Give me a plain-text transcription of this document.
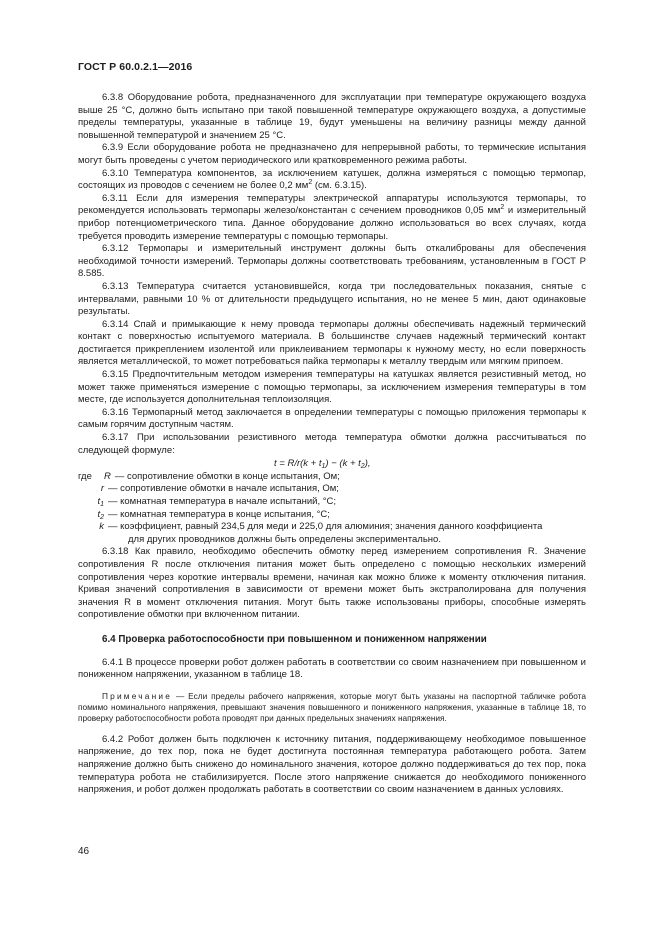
ГОСТ Р 60.0.2.1—2016

6.3.8 Оборудование робота, предназначенного для эксплуатации при температуре окружающего воздуха выше 25 °С, должно быть испытано при такой повышенной температуре окружающего воздуха, а допустимые пределы температуры, указанные в таблице 19, будут уменьшены на величину разницы между данной повышенной температурой и значением 25 °С.

6.3.9 Если оборудование робота не предназначено для непрерывной работы, то термические испытания могут быть проведены с учетом периодического или кратковременного режима работы.

6.3.10 Температура компонентов, за исключением катушек, должна измеряться с помощью термопар, состоящих из проводов с сечением не более 0,2 $мм^2$ (см. 6.3.15).

6.3.11 Если для измерения температуры электрической аппаратуры используются термопары, то рекомендуется использовать термопары железо/константан с сечением проводников 0,05 $мм^2$ и измерительный прибор потенциометрического типа. Данное оборудование должно использоваться во всех случаях, когда требуется проводить измерение температуры с помощью термопары.

6.3.12 Термопары и измерительный инструмент должны быть откалиброваны для обеспечения необходимой точности измерений. Термопары должны соответствовать требованиям, установленным в ГОСТ Р 8.585.

6.3.13 Температура считается установившейся, когда три последовательных показания, снятые с интервалами, равными 10 % от длительности предыдущего испытания, но не менее 5 мин, дают одинаковые результаты.

6.3.14 Спай и примыкающие к нему провода термопары должны обеспечивать надежный термический контакт с поверхностью испытуемого материала. В большинстве случаев надежный термический контакт достигается прикреплением изолентой или приклеиванием термопары к нужному месту, но если поверхность является металлической, то может потребоваться пайка термопары к металлу твердым или мягким припоем.

6.3.15 Предпочтительным методом измерения температуры на катушках является резистивный метод, но может также применяться измерение с помощью термопары, за исключением измерения температуры в том месте, где используется дополнительная теплоизоляция.

6.3.16 Термопарный метод заключается в определении температуры с помощью приложения термопары к самым горячим доступным частям.

6.3.17 При использовании резистивного метода температура обмотки должна рассчитываться по следующей формуле:

$t = R/r(k + t_1) - (k + t_2)$,
где	R — сопротивление обмотки в конце испытания, Ом;
r — сопротивление обмотки в начале испытания, Ом;
$t_1$ — комнатная температура в начале испытаний, °С;
$t_2$ — комнатная температура в конце испытания, °С;
k — коэффициент, равный 234,5 для меди и 225,0 для алюминия; значения данного коэффициента
для других проводников должны быть определены экспериментально.

6.3.18 Как правило, необходимо обеспечить обмотку перед измерением сопротивления R. Значение сопротивления R после отключения питания может быть определено с помощью нескольких измерений сопротивления через короткие интервалы времени, начиная как можно ближе к моменту отключения питания. Кривая значений сопротивления в зависимости от времени может быть экстраполирована для получения значения R в момент отключения питания. Могут быть также использованы приборы, способные измерять сопротивление обмотки при включенном питании.

6.4 Проверка работоспособности при повышенном и пониженном напряжении

6.4.1 В процессе проверки робот должен работать в соответствии со своим назначением при повышенном и пониженном напряжении, указанном в таблице 18.

Примечание — Если пределы рабочего напряжения, которые могут быть указаны на паспортной табличке робота помимо номинального напряжения, превышают значения повышенного и пониженного напряжения, указанные в таблице 18, то проверку работоспособности робота проводят при данных предельных значениях напряжения.

6.4.2 Робот должен быть подключен к источнику питания, поддерживающему необходимое повышенное напряжение, до тех пор, пока не будет достигнута постоянная температура работающего робота. Затем напряжение должно быть снижено до номинального значения, которое должно поддерживаться до тех пор, пока температура робота не стабилизируется. После этого напряжение снижается до необходимого пониженного напряжения, и робот должен продолжать работать в соответствии со своим назначением в данных условиях.

46
